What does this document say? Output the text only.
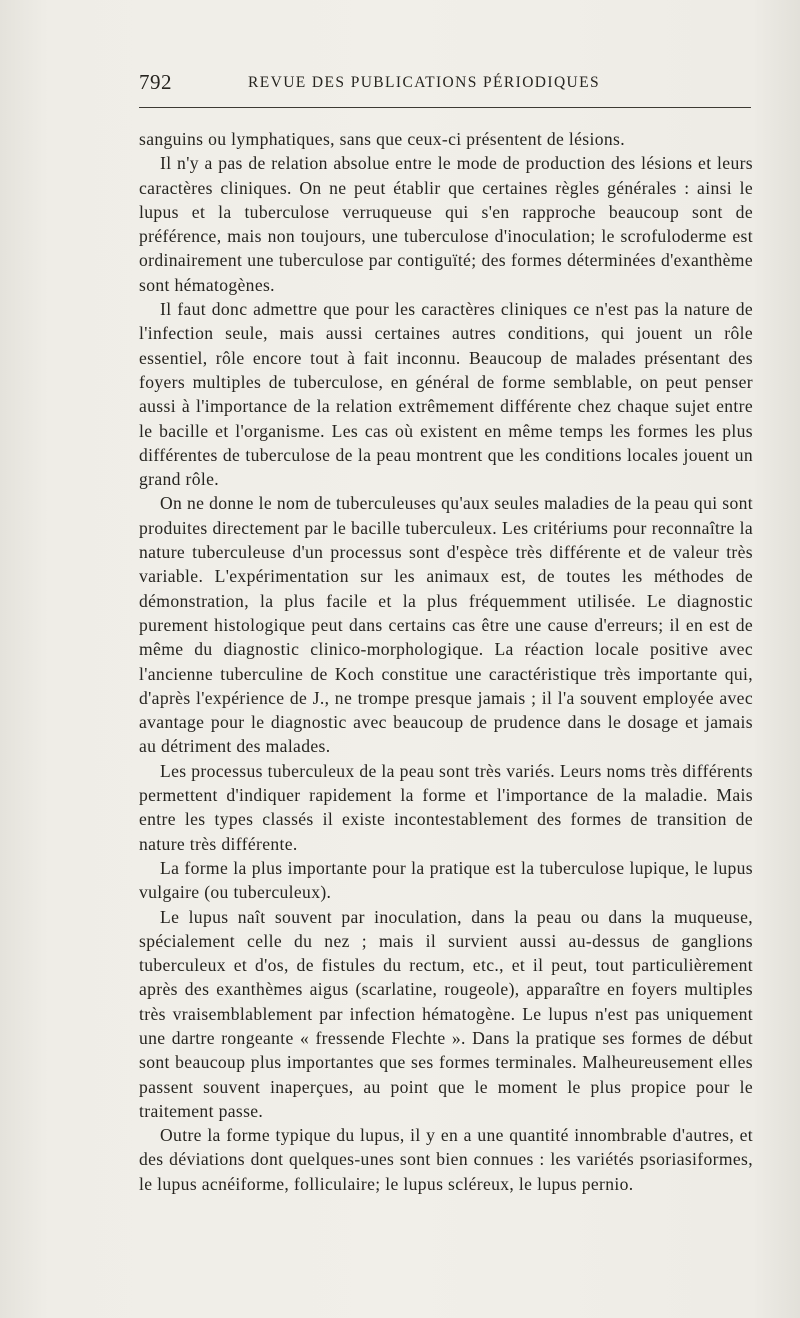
792	REVUE DES PUBLICATIONS PÉRIODIQUES

sanguins ou lymphatiques, sans que ceux-ci présentent de lésions.

Il n'y a pas de relation absolue entre le mode de production des lésions et leurs caractères cliniques. On ne peut établir que certaines règles générales : ainsi le lupus et la tuberculose verruqueuse qui s'en rapproche beaucoup sont de préférence, mais non toujours, une tuberculose d'inoculation; le scrofuloderme est ordinairement une tuberculose par contiguïté; des formes déterminées d'exanthème sont hématogènes.

Il faut donc admettre que pour les caractères cliniques ce n'est pas la nature de l'infection seule, mais aussi certaines autres conditions, qui jouent un rôle essentiel, rôle encore tout à fait inconnu. Beaucoup de malades présentant des foyers multiples de tuberculose, en général de forme semblable, on peut penser aussi à l'importance de la relation extrêmement différente chez chaque sujet entre le bacille et l'organisme. Les cas où existent en même temps les formes les plus différentes de tuberculose de la peau montrent que les conditions locales jouent un grand rôle.

On ne donne le nom de tuberculeuses qu'aux seules maladies de la peau qui sont produites directement par le bacille tuberculeux. Les critériums pour reconnaître la nature tuberculeuse d'un processus sont d'espèce très différente et de valeur très variable. L'expérimentation sur les animaux est, de toutes les méthodes de démonstration, la plus facile et la plus fréquemment utilisée. Le diagnostic purement histologique peut dans certains cas être une cause d'erreurs; il en est de même du diagnostic clinico-morphologique. La réaction locale positive avec l'ancienne tuberculine de Koch constitue une caractéristique très importante qui, d'après l'expérience de J., ne trompe presque jamais ; il l'a souvent employée avec avantage pour le diagnostic avec beaucoup de prudence dans le dosage et jamais au détriment des malades.

Les processus tuberculeux de la peau sont très variés. Leurs noms très différents permettent d'indiquer rapidement la forme et l'importance de la maladie. Mais entre les types classés il existe incontestablement des formes de transition de nature très différente.

La forme la plus importante pour la pratique est la tuberculose lupique, le lupus vulgaire (ou tuberculeux).

Le lupus naît souvent par inoculation, dans la peau ou dans la muqueuse, spécialement celle du nez ; mais il survient aussi au-dessus de ganglions tuberculeux et d'os, de fistules du rectum, etc., et il peut, tout particulièrement après des exanthèmes aigus (scarlatine, rougeole), apparaître en foyers multiples très vraisemblablement par infection hématogène. Le lupus n'est pas uniquement une dartre rongeante « fressende Flechte ». Dans la pratique ses formes de début sont beaucoup plus importantes que ses formes terminales. Malheureusement elles passent souvent inaperçues, au point que le moment le plus propice pour le traitement passe.

Outre la forme typique du lupus, il y en a une quantité innombrable d'autres, et des déviations dont quelques-unes sont bien connues : les variétés psoriasiformes, le lupus acnéiforme, folliculaire; le lupus scléreux, le lupus pernio.
